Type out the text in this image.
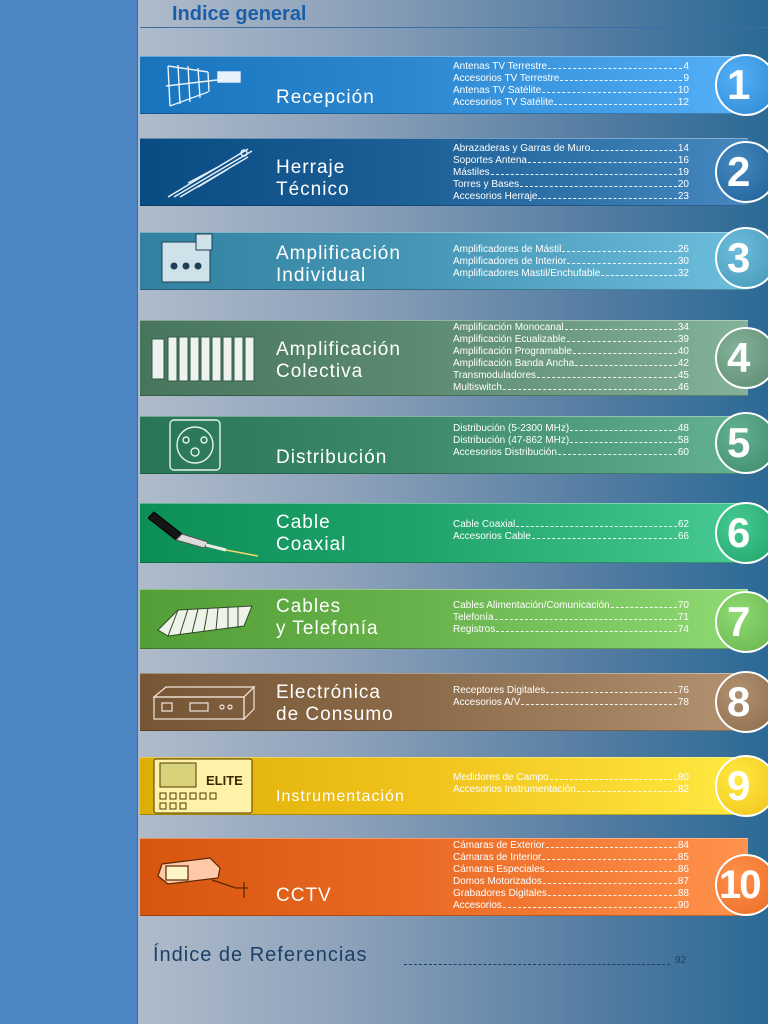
Indice general
Recepción
Antenas TV Terrestre	4
Accesorios TV Terrestre	9
Antenas TV Satélite	10
Accesorios TV Satélite	12
Herraje
Técnico
Abrazaderas y Garras de Muro	14
Soportes Antena	16
Mástiles	19
Torres y Bases	20
Accesorios Herraje	23
Amplificación
Individual
Amplificadores de Mástil	26
Amplificadores de Interior	30
Amplificadores Mastil/Enchufable	32
Amplificación
Colectiva
Amplificación Monocanal	34
Amplificación Ecualizable	39
Amplificación Programable	40
Amplificación Banda Ancha	42
Transmoduladores	45
Multiswitch	46
Distribución
Distribución (5-2300 MHz)	48
Distribución (47-862 MHz)	58
Accesorios Distribución	60
Cable
Coaxial
Cable Coaxial	62
Accesorios Cable	66
Cables
y Telefonía
Cables Alimentación/Comunicación	70
Telefonía	71
Registros	74
Electrónica
de Consumo
Receptores Digitales	76
Accesorios A/V	78
ELITE
Instrumentación
Medidores de Campo	80
Accesorios Instrumentación	82
CCTV
Cámaras de Exterior	84
Cámaras de Interior	85
Cámaras Especiales	86
Domos Motorizados	87
Grabadores Digitales	88
Accesorios	90
Índice de Referencias	92
1
2
3
4
5
6
7
8
9
10
